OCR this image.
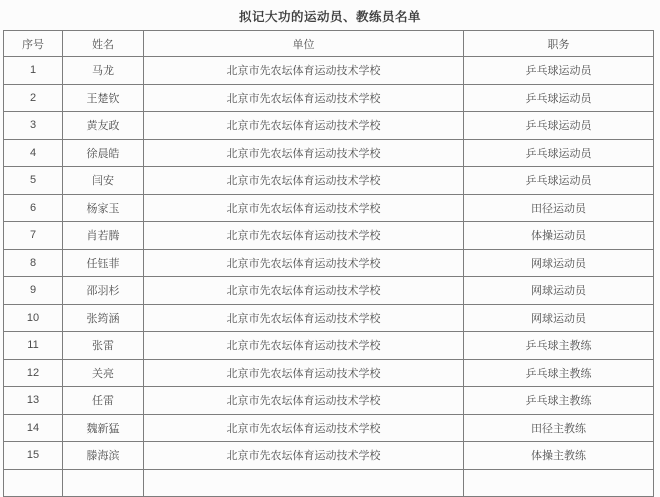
拟记大功的运动员、教练员名单
序号	姓名	单位	职务
1	马龙	北京市先农坛体育运动技术学校	乒乓球运动员
2	王楚钦	北京市先农坛体育运动技术学校	乒乓球运动员
3	黄友政	北京市先农坛体育运动技术学校	乒乓球运动员
4	徐晨皓	北京市先农坛体育运动技术学校	乒乓球运动员
5	闫安	北京市先农坛体育运动技术学校	乒乓球运动员
6	杨家玉	北京市先农坛体育运动技术学校	田径运动员
7	肖若腾	北京市先农坛体育运动技术学校	体操运动员
8	任钰菲	北京市先农坛体育运动技术学校	网球运动员
9	邵羽杉	北京市先农坛体育运动技术学校	网球运动员
10	张筠涵	北京市先农坛体育运动技术学校	网球运动员
11	张雷	北京市先农坛体育运动技术学校	乒乓球主教练
12	关亮	北京市先农坛体育运动技术学校	乒乓球主教练
13	任雷	北京市先农坛体育运动技术学校	乒乓球主教练
14	魏新猛	北京市先农坛体育运动技术学校	田径主教练
15	滕海滨	北京市先农坛体育运动技术学校	体操主教练
